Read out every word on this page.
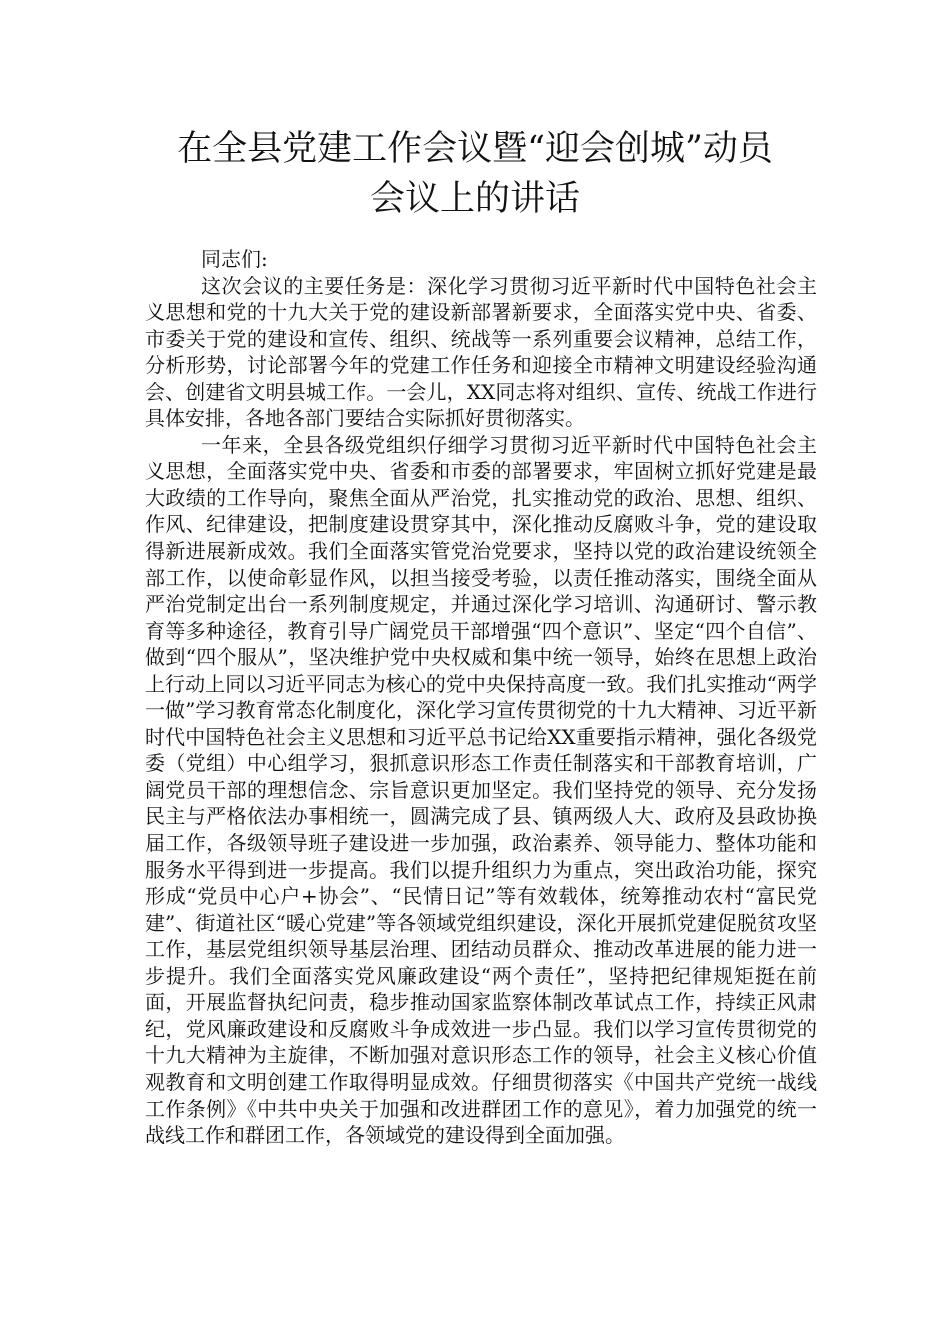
在全县党建工作会议暨“迎会创城”动员
会议上的讲话

同志们:

这次会议的主要任务是：深化学习贯彻习近平新时代中国特色社会主义思想和党的十九大关于党的建设新部署新要求，全面落实党中央、省委、市委关于党的建设和宣传、组织、统战等一系列重要会议精神，总结工作，分析形势，讨论部署今年的党建工作任务和迎接全市精神文明建设经验沟通会、创建省文明县城工作。一会儿，XX同志将对组织、宣传、统战工作进行具体安排，各地各部门要结合实际抓好贯彻落实。

一年来，全县各级党组织仔细学习贯彻习近平新时代中国特色社会主义思想，全面落实党中央、省委和市委的部署要求，牢固树立抓好党建是最大政绩的工作导向，聚焦全面从严治党，扎实推动党的政治、思想、组织、作风、纪律建设，把制度建设贯穿其中，深化推动反腐败斗争，党的建设取得新进展新成效。我们全面落实管党治党要求，坚持以党的政治建设统领全部工作，以使命彰显作风，以担当接受考验，以责任推动落实，围绕全面从严治党制定出台一系列制度规定，并通过深化学习培训、沟通研讨、警示教育等多种途径，教育引导广阔党员干部增强“四个意识”、坚定“四个自信”、做到“四个服从”，坚决维护党中央权威和集中统一领导，始终在思想上政治上行动上同以习近平同志为核心的党中央保持高度一致。我们扎实推动“两学一做”学习教育常态化制度化，深化学习宣传贯彻党的十九大精神、习近平新时代中国特色社会主义思想和习近平总书记给XX重要指示精神，强化各级党委（党组）中心组学习，狠抓意识形态工作责任制落实和干部教育培训，广阔党员干部的理想信念、宗旨意识更加坚定。我们坚持党的领导、充分发扬民主与严格依法办事相统一，圆满完成了县、镇两级人大、政府及县政协换届工作，各级领导班子建设进一步加强，政治素养、领导能力、整体功能和服务水平得到进一步提高。我们以提升组织力为重点，突出政治功能，探究形成“党员中心户+协会”、“民情日记”等有效载体，统筹推动农村“富民党建”、街道社区“暖心党建”等各领域党组织建设，深化开展抓党建促脱贫攻坚工作，基层党组织领导基层治理、团结动员群众、推动改革进展的能力进一步提升。我们全面落实党风廉政建设“两个责任”，坚持把纪律规矩挺在前面，开展监督执纪问责，稳步推动国家监察体制改革试点工作，持续正风肃纪，党风廉政建设和反腐败斗争成效进一步凸显。我们以学习宣传贯彻党的十九大精神为主旋律，不断加强对意识形态工作的领导，社会主义核心价值观教育和文明创建工作取得明显成效。仔细贯彻落实《中国共产党统一战线工作条例》《中共中央关于加强和改进群团工作的意见》，着力加强党的统一战线工作和群团工作，各领域党的建设得到全面加强。
